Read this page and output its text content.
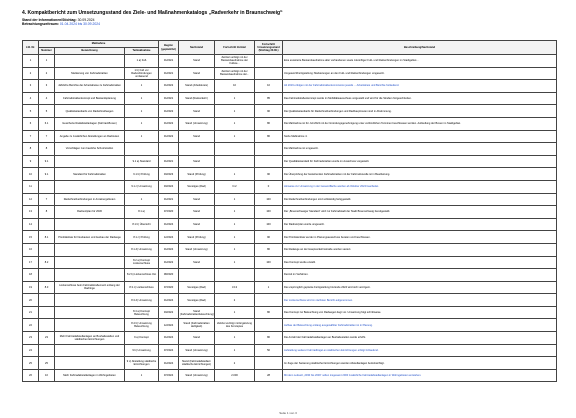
4. Kompaktbericht zum Umsetzungsstand des Ziele- und Maßnahmenkatalogs „Radverkehr in Braunschweig“
Stand der Informationen/Stichtag: 30.09.2024
Betrachtungszeitraum: 01.04.2024 bis 30.09.2024
Lfd. Nr.	Maßnahme			Beginn (geplant/Ist)	Sachstand	Fortschritt Zeitziel	Fortschritt Umsetzungsstand (Stichtag 30.09.)	Beschreibung/Sachstand
	Nummer	Bezeichnung	Teilmaßnahme					
1	1		1 a) Fuß	01/2021	Stand	Zeitziel verfolgt mit der Bestandsaufnahme der Fußwe...		Eine erweiterte Bestandsaufnahme aller vorhandenen sowie zukünftiger Fuß- und Radverbindungen im Stadtgebiet...
2	2	Markierung von Fahrradstraßen	1 b) Fuß vor Radverbindungen umfassend	01/2021	Stand	Zeitziel verfolgt mit der Bestandsaufnahme der...		Umgesetzt/Fertigstellung: Markierungen an den Fuß- und Radverbindungen umgesetzt.
3	3	Jährliche Berichte der Arbeitskreise zu Fahrradstraßen	1	01/2022	Stand (Arbeitskreis)	10	10	Ab 2019 erfolgen mit der Fahrradstraßenkommission jeweils ... Arbeitskreis und Berichte fortlaufend.
4	4	Fahrradstraßenkonzept und Bestandsplanung	1	01/2021	Stand (Radverkehr)	1	85	Das Fahrradstraßenkonzept wurde im Mobilitätsausschuss vorgestellt und wird für die Straßen fortgeschrieben.
5	5	Qualitätsstandards von Radschnellwegen	1	01/2022	Stand	1	90	Die Qualitätsstandards für Radschnellverbindungen und Radhauptrouten sind in Abstimmung.
6	6.1	Gesicherte Radabstellanlagen (Fahrrad-Boxen)	1	01/2022	Stand (Umsetzung)	1	80	Die Maßnahme ist für Juli 2024 mit der Gründungsgenehmigung unter verbindlichen Terminen beschlossen worden. Aufstellung der Boxen im Stadtgebiet.
7	7	Angabe zu zusätzlichen Abstellungen an Radrouten	1	01/2022	Stand	1	80	Siehe Maßnahme 4.
8	8	Vorschlägen zum bauliche Schutzstreifen						Die Maßnahme ist umgesetzt.
9	9.1		9.1 a) Standard	01/2021	Stand			Der Qualitätsstandard für Fahrradstraßen wurde im Ausschuss vorgestellt.
10	9.1	Standard für Fahrradstraßen	9.1 b) Prüfung	03/2023	Stand (Prüfung)	1	90	Die Überprüfung der bestehenden Fahrradstraßen mit der Fahrradnovelle ist in Bearbeitung.
11			9.1 c) Umsetzung	03/2024	Sonstiges (Rad)	N.2	0	Hinweise zur Umsetzung in der Gesamtfläche werden ab Oktober 2024 bearbeitet.
12	7	Radschnellverbindungen in Anrainergebieten	1	01/2021	Stand	1	100	Die Radschnellverbindungen sind vollständig fertiggestellt.
13	8	Radnetzplan für 2030	8.1 a)	07/2020	Stand	1	100	Der „Braunschweiger Standard“ wird zur Fahrradstadt der Stadt Braunschweig bereitgestellt.
14			8.1 b) Übersicht	01/2024	Stand	1	100	Der Radnetzplan wurde umgesetzt.
15	8.1	Prioritätsliste für Neubauten und Ausbau der Radwege	8.1 c) Prüfung	12/2024	Stand (Prüfung)	1	90	Die Prioritätenliste wurde im Planungsausschuss beraten und beschlossen.
16			8.1 d) Umsetzung	01/2024	Stand (Umsetzung)	1	80	Die Radwege an der Hauptverkehrsstraße wurden saniert.
17	8.2		8.2 a) Konzept Lückenschluss	01/2022	Stand	1	100	Das Konzept wurde erstellt.
18			8.2 b) Lückenschluss Ost	08/2020				Derzeit im Verfahren.
19	8.3	Lückenschluss beim Fahrradstraßennetz entlang der Radringe	8.3 c) Lückenschluss	07/2020	Sonstiges (Rad)	3.13	1	Die ursprünglich geplante Fertigstellung bis Ende 2024 wird sich verzögern.
20			8.3 d) Umsetzung	01/2024	Sonstiges (Rad)	2		Der Lückenschluss wird im nächsten Bericht aufgenommen.
21			8.4 a) Konzept Beleuchtung	03/2022	Stand (Fahrradstraßenbeleuchtung)	1	80	Das Konzept zur Beleuchtung von Radwegen liegt vor. Umsetzung folgt schrittweise.
22			8.4 b) Umsetzung Beleuchtung	12/2024	Stand (Fahrradstraßen Helligkeit)	Zeitziel verfolgt mit Ergänzung des Konzeptes		Aufbau der Beleuchtung entlang ausgewählter Fahrradstraßen ist in Planung.
23	23	Mehr Fahrradabstellanlagen an Bushaltestellen und städtischen Einrichtungen	9 a) Konzept	01/2024	Stand	1	80	Die Anzahl der Fahrradabstellanlagen an Bushaltestellen wurde erhöht.
24			9 b) Umsetzung	07/2024	Stand (Umsetzung)	1	50	Aufstellung weiterer Fahrradbügel an städtischen Einrichtungen erfolgt fortlaufend.
25	25		9 c) Abstellung städtische Einrichtungen	01/2024	Stand (Fahrradabstellanl. städtische Einrichtungen)	2		Im Zuge der Sanierung städtischer Einrichtungen werden Abstellanlagen berücksichtigt.
26	10	Mehr Fahrradabstellanlagen in Wohngebieten	1	07/2024	Stand (Umsetzung)	2.000	28	Mit dem Leitsatz „2030 bis 2030“ sollen insgesamt 2000 zusätzliche Fahrradabstellanlagen in Wohngebieten entstehen.
Seite 1 von 3
